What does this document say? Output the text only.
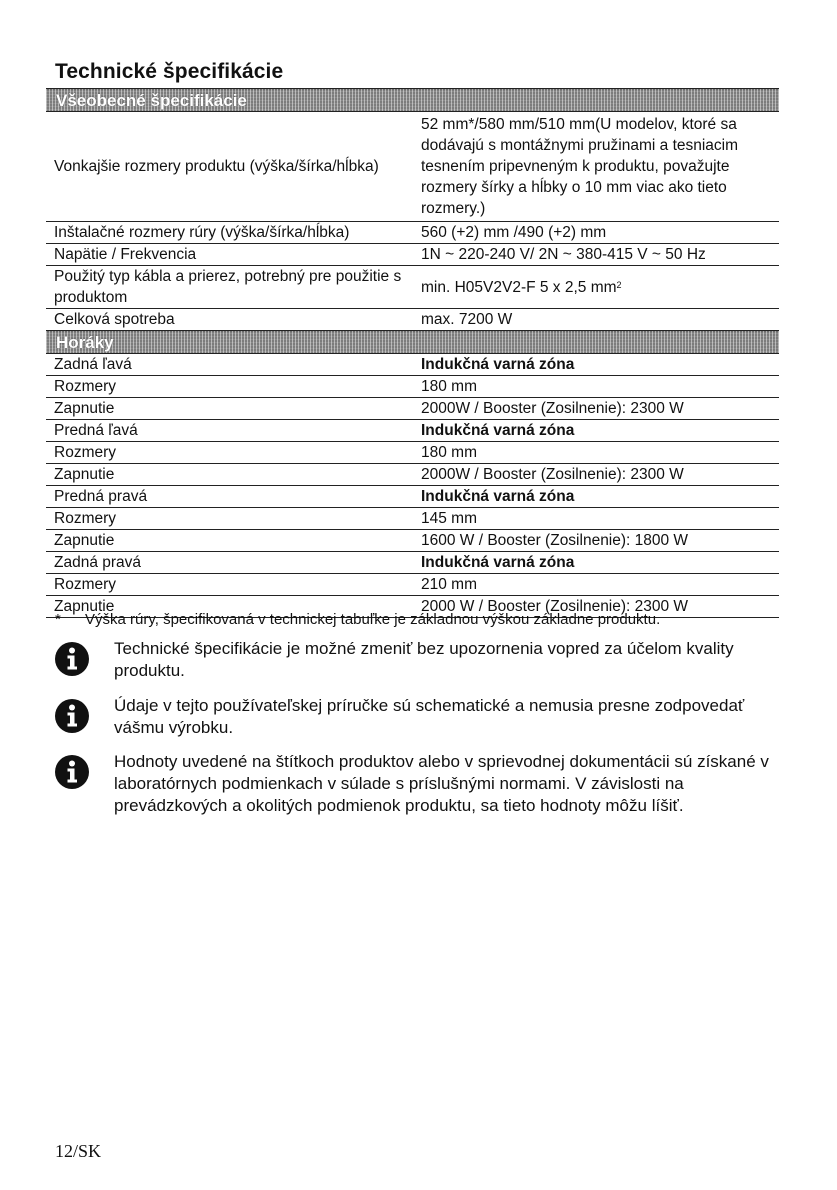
Technické špecifikácie
Všeobecné špecifikácie	
Vonkajšie rozmery produktu (výška/šírka/hĺbka)	52 mm*/580 mm/510 mm(U modelov, ktoré sa dodávajú s montážnymi pružinami a tesniacim tesnením pripevneným k produktu, považujte rozmery šírky a hĺbky o 10 mm viac ako tieto rozmery.)
Inštalačné rozmery rúry (výška/šírka/hĺbka)	560 (+2) mm /490 (+2) mm
Napätie / Frekvencia	1N ~ 220-240 V/ 2N ~ 380-415 V ~ 50 Hz
Použitý typ kábla a prierez, potrebný pre použitie s produktom	min. H05V2V2-F 5 x 2,5 $mm^2$
Celková spotreba	max. 7200 W
Horáky	
Zadná ľavá	Indukčná varná zóna
Rozmery	180 mm
Zapnutie	2000W / Booster (Zosilnenie): 2300 W
Predná ľavá	Indukčná varná zóna
Rozmery	180 mm
Zapnutie	2000W / Booster (Zosilnenie): 2300 W
Predná pravá	Indukčná varná zóna
Rozmery	145 mm
Zapnutie	1600 W / Booster (Zosilnenie): 1800 W
Zadná pravá	Indukčná varná zóna
Rozmery	210 mm
Zapnutie	2000 W / Booster (Zosilnenie): 2300 W
* Výška rúry, špecifikovaná v technickej tabuľke je základnou výškou základne produktu.
Technické špecifikácie je možné zmeniť bez upozornenia vopred za účelom kvality produktu.
Údaje v tejto používateľskej príručke sú schematické a nemusia presne zodpovedať vášmu výrobku.
Hodnoty uvedené na štítkoch produktov alebo v sprievodnej dokumentácii sú získané v laboratórnych podmienkach v súlade s príslušnými normami. V závislosti na prevádzkových a okolitých podmienok produktu, sa tieto hodnoty môžu líšiť.
12/SK
